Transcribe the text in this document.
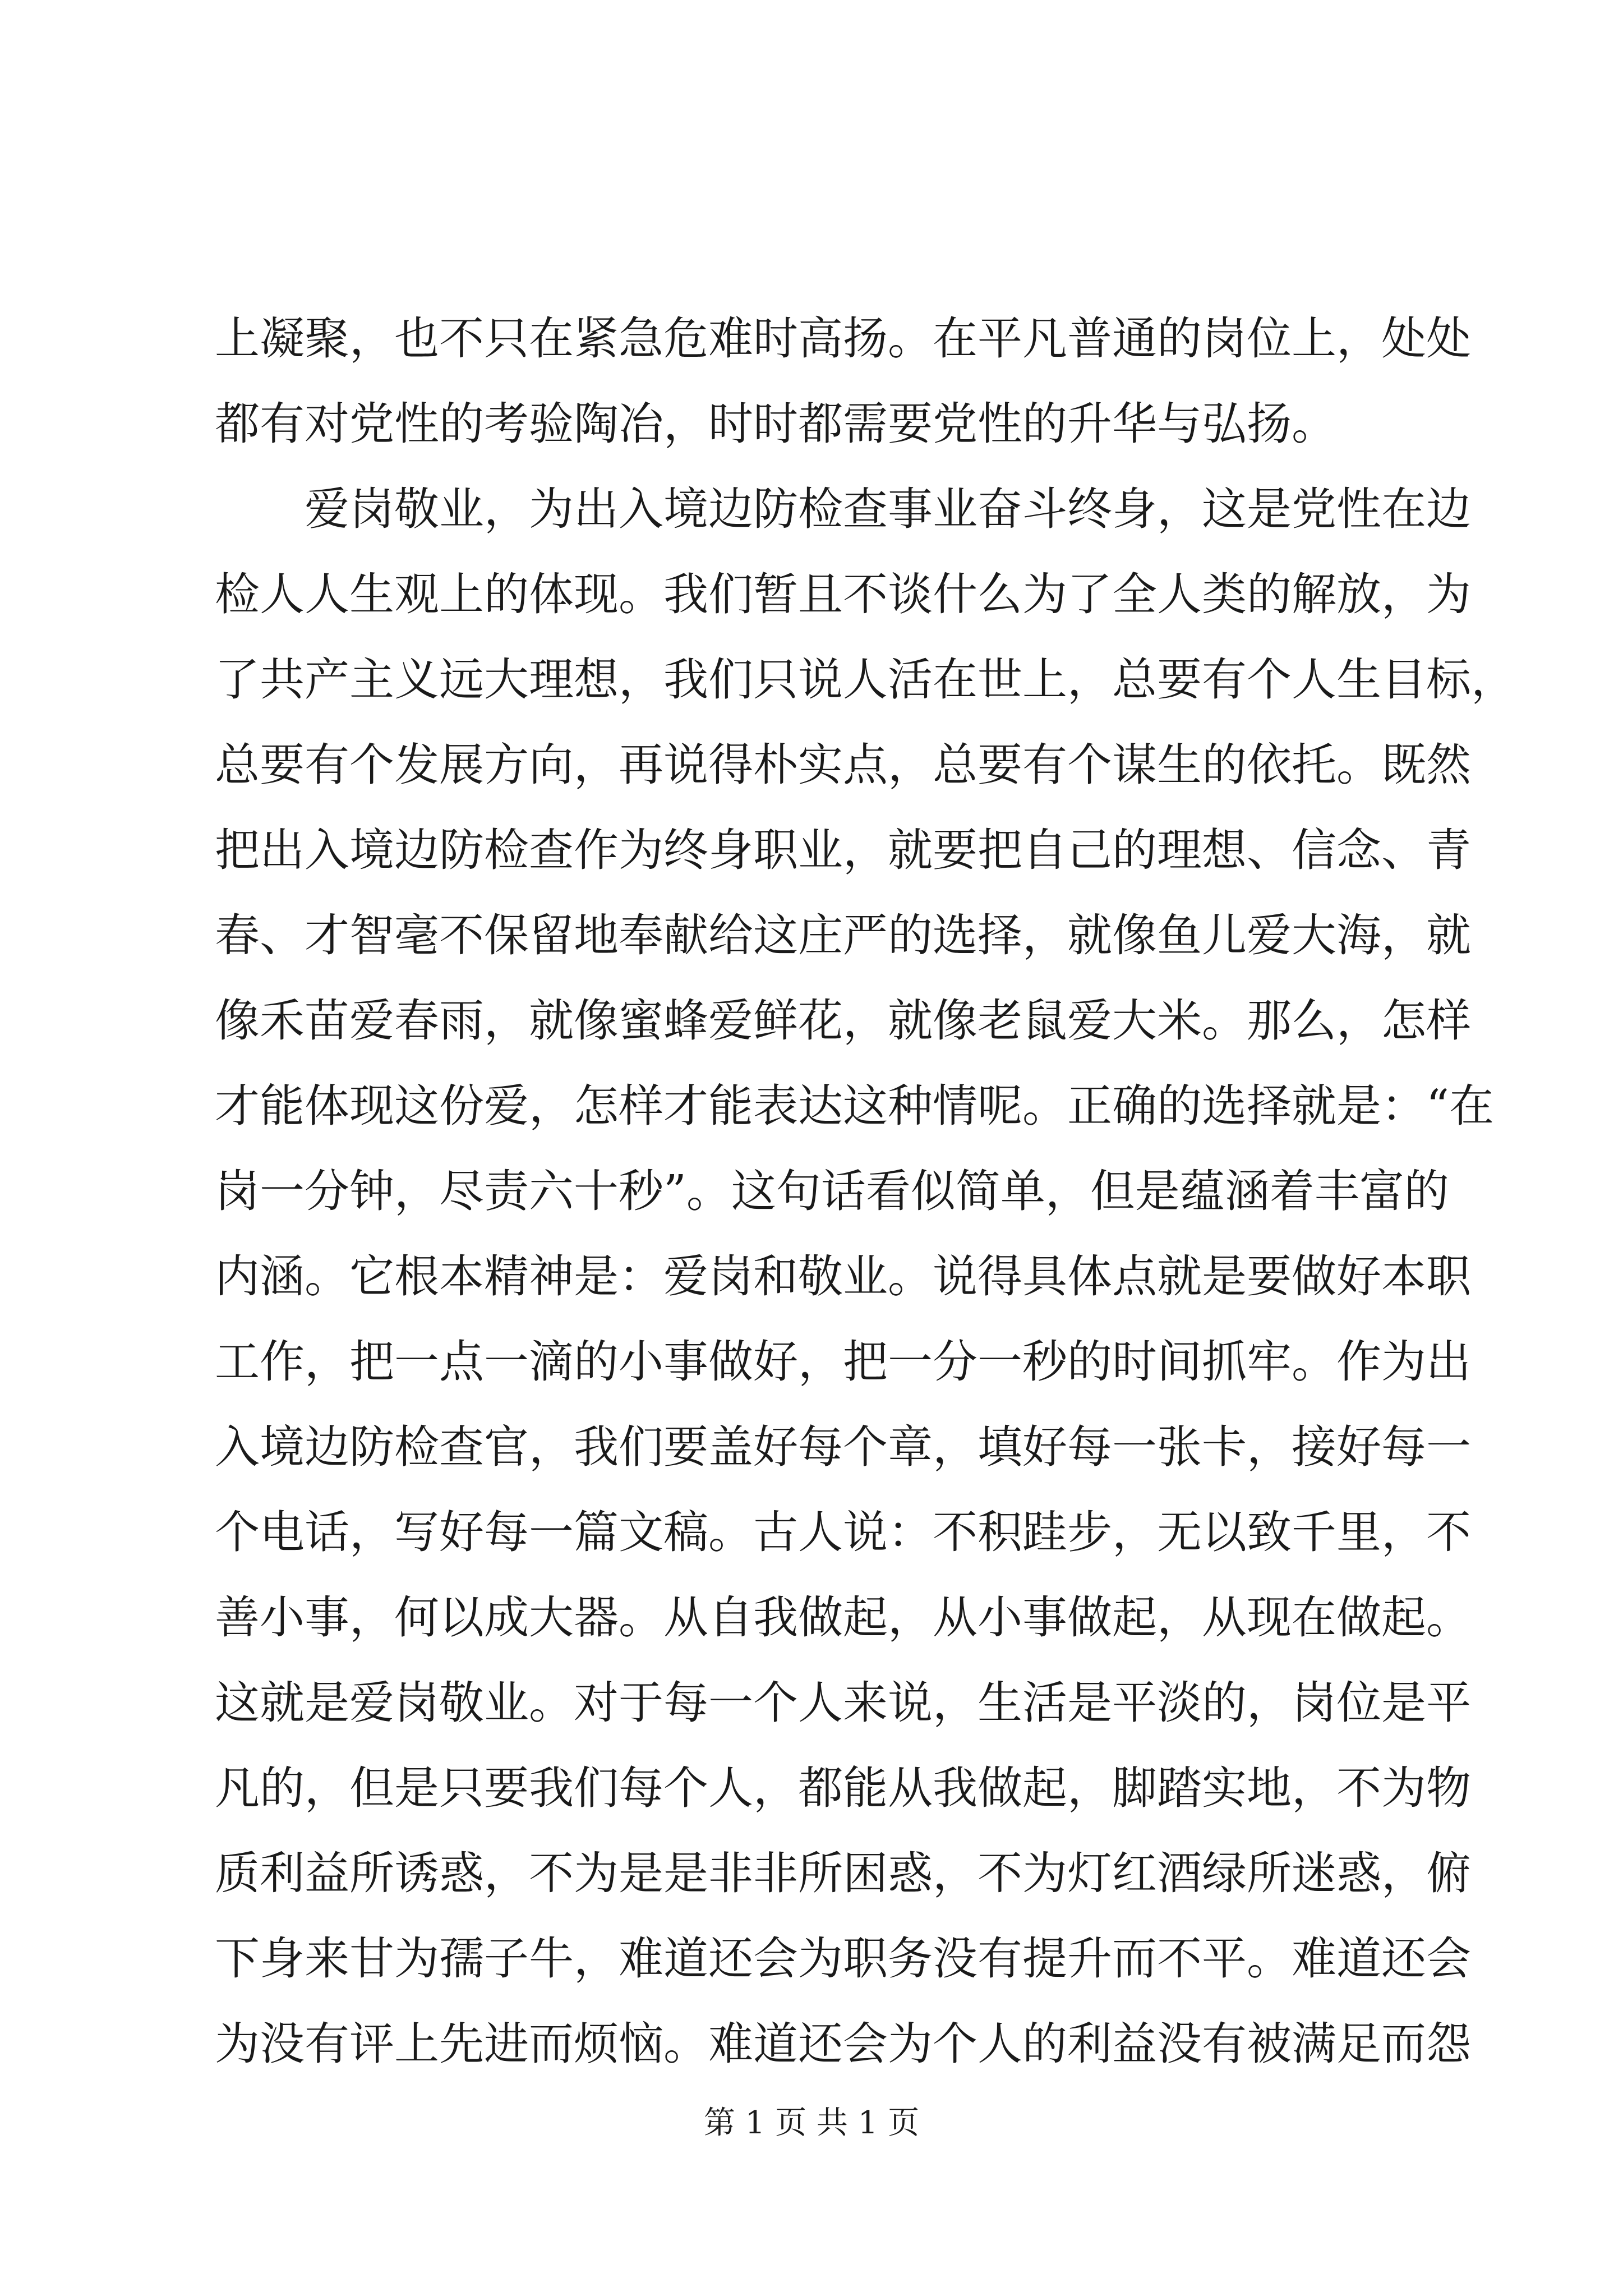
上凝聚，也不只在紧急危难时高扬。在平凡普通的岗位上，处处
都有对党性的考验陶冶，时时都需要党性的升华与弘扬。
　　爱岗敬业，为出入境边防检查事业奋斗终身，这是党性在边
检人人生观上的体现。我们暂且不谈什么为了全人类的解放，为
了共产主义远大理想，我们只说人活在世上，总要有个人生目标，
总要有个发展方向，再说得朴实点，总要有个谋生的依托。既然
把出入境边防检查作为终身职业，就要把自己的理想、信念、青
春、才智毫不保留地奉献给这庄严的选择，就像鱼儿爱大海，就
像禾苗爱春雨，就像蜜蜂爱鲜花，就像老鼠爱大米。那么，怎样
才能体现这份爱，怎样才能表达这种情呢。正确的选择就是：“在
岗一分钟，尽责六十秒”。这句话看似简单，但是蕴涵着丰富的
内涵。它根本精神是：爱岗和敬业。说得具体点就是要做好本职
工作，把一点一滴的小事做好，把一分一秒的时间抓牢。作为出
入境边防检查官，我们要盖好每个章，填好每一张卡，接好每一
个电话，写好每一篇文稿。古人说：不积跬步，无以致千里，不
善小事，何以成大器。从自我做起，从小事做起，从现在做起。
这就是爱岗敬业。对于每一个人来说，生活是平淡的，岗位是平
凡的，但是只要我们每个人，都能从我做起，脚踏实地，不为物
质利益所诱惑，不为是是非非所困惑，不为灯红酒绿所迷惑，俯
下身来甘为孺子牛，难道还会为职务没有提升而不平。难道还会
为没有评上先进而烦恼。难道还会为个人的利益没有被满足而怨
第 1 页 共 1 页
